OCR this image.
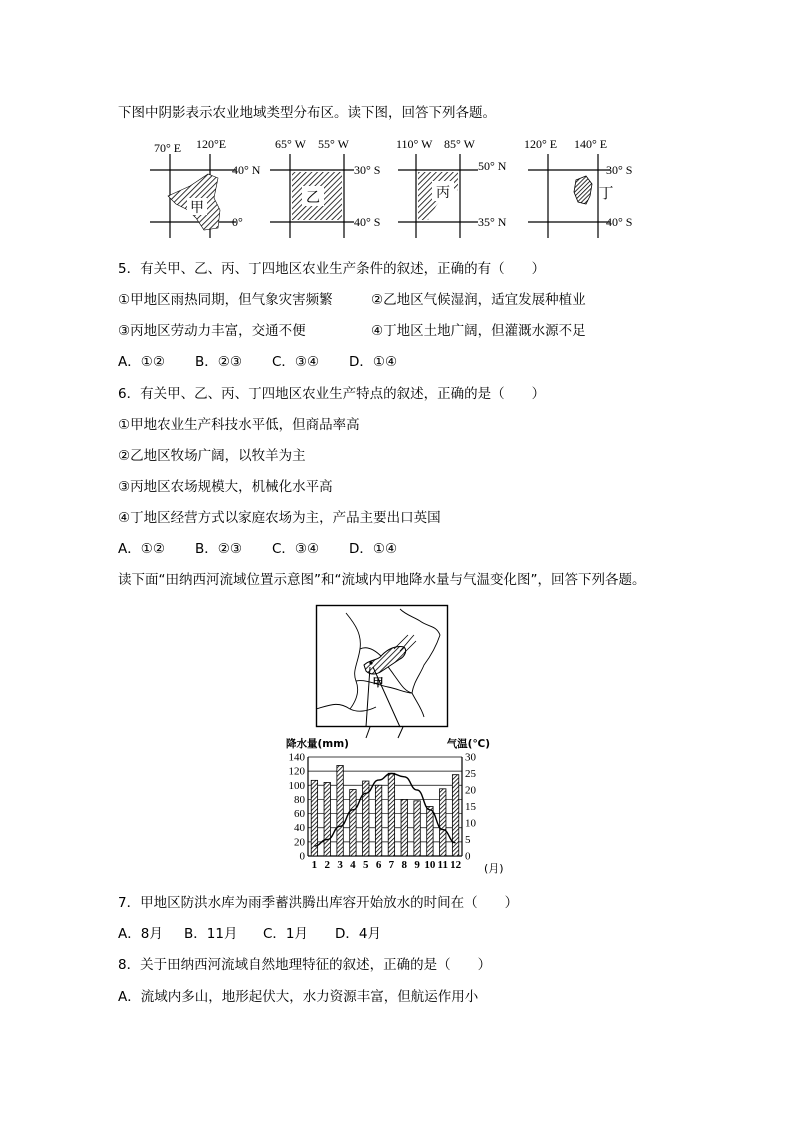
下图中阴影表示农业地域类型分布区。读下图，回答下列各题。
甲
70° E 120°E
40° N
0°
乙
65° W 55° W
30° S
40° S
丙
110° W 85° W
50° N
35° N
丁
120° E 140° E
30° S
40° S
5．有关甲、乙、丙、丁四地区农业生产条件的叙述，正确的有（　　）
①甲地区雨热同期，但气象灾害频繁	②乙地区气候湿润，适宜发展种植业
③丙地区劳动力丰富，交通不便	④丁地区土地广阔，但灌溉水源不足
A．①② B．②③ C．③④ D．①④
6．有关甲、乙、丙、丁四地区农业生产特点的叙述，正确的是（　　）
①甲地农业生产科技水平低，但商品率高
②乙地区牧场广阔，以牧羊为主
③丙地区农场规模大，机械化水平高
④丁地区经营方式以家庭农场为主，产品主要出口英国
A．①② B．②③ C．③④ D．①④
读下面“田纳西河流域位置示意图”和“流域内甲地降水量与气温变化图”，回答下列各题。
甲
降水量(mm)	气温(℃)
0
20
40
60
80
100
120
140
0
5
10
15
20
25
30
1 2 3 4 5 6 7 8 9 10 11 12 (月)
7．甲地区防洪水库为雨季蓄洪腾出库容开始放水的时间在（　　）
A．8月 B．11月 C．1月 D．4月
8．关于田纳西河流域自然地理特征的叙述，正确的是（　　）
A．流域内多山，地形起伏大，水力资源丰富，但航运作用小
